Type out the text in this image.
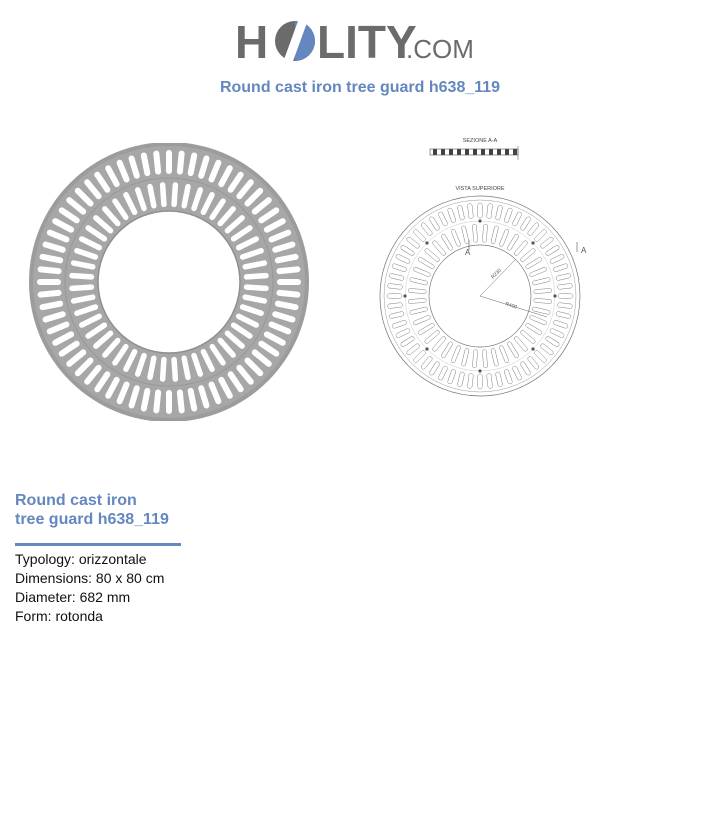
H LITY
.COM
Round cast iron tree guard h638_119
SEZIONE A-A
VISTA SUPERIORE
R230
R400
A	A

Round cast iron
tree guard h638_119

Typology: orizzontale
Dimensions: 80 x 80 cm
Diameter: 682 mm
Form: rotonda
